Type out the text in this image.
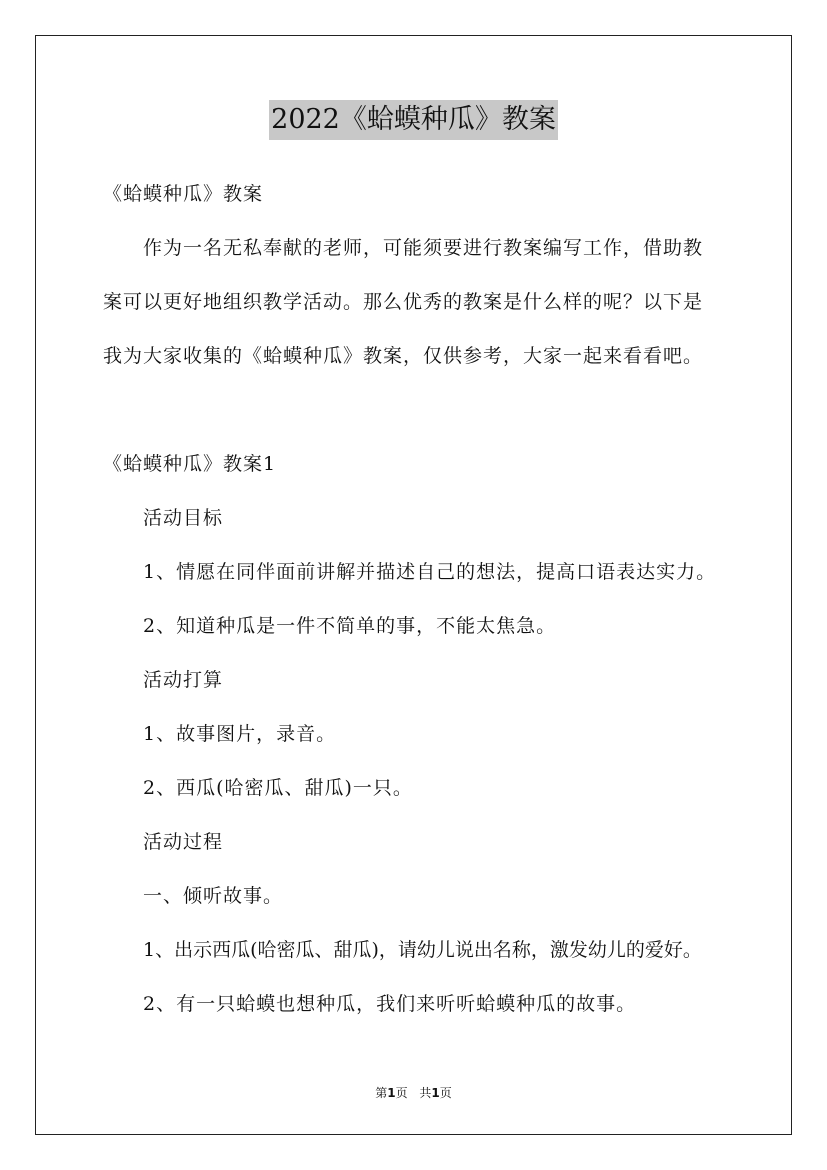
2022《蛤蟆种瓜》教案
《蛤蟆种瓜》教案
作为一名无私奉献的老师，可能须要进行教案编写工作，借助教
案可以更好地组织教学活动。那么优秀的教案是什么样的呢？以下是
我为大家收集的《蛤蟆种瓜》教案，仅供参考，大家一起来看看吧。
《蛤蟆种瓜》教案1
活动目标
1、情愿在同伴面前讲解并描述自己的想法，提高口语表达实力。
2、知道种瓜是一件不简单的事，不能太焦急。
活动打算
1、故事图片，录音。
2、西瓜(哈密瓜、甜瓜)一只。
活动过程
一、倾听故事。
1、出示西瓜(哈密瓜、甜瓜)，请幼儿说出名称，激发幼儿的爱好。
2、有一只蛤蟆也想种瓜，我们来听听蛤蟆种瓜的故事。
第1页 共1页
